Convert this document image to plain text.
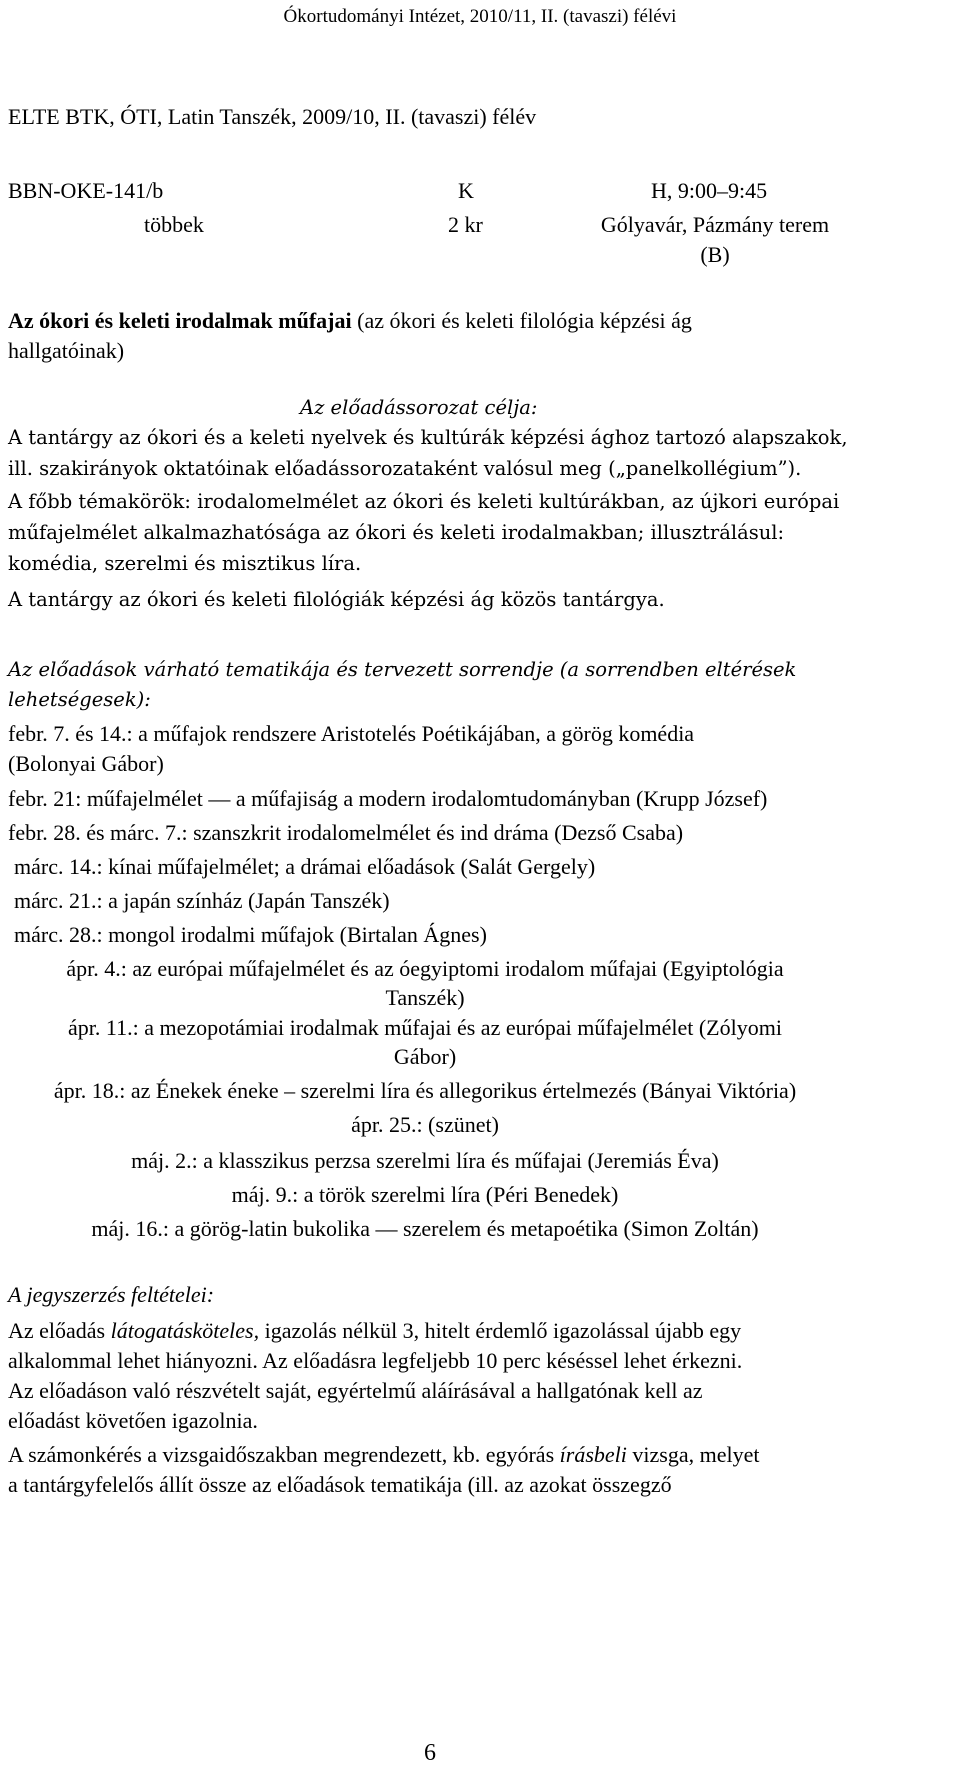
Ókortudományi Intézet, 2010/11, II. (tavaszi) félévi
ELTE BTK, ÓTI, Latin Tanszék, 2009/10, II. (tavaszi) félév
BBN-OKE-141/b	K	H, 9:00–9:45
többek	2 kr	Gólyavár, Pázmány terem
(B)
Az ókori és keleti irodalmak műfajai (az ókori és keleti filológia képzési ág
hallgatóinak)
Az előadássorozat célja:
A tantárgy az ókori és a keleti nyelvek és kultúrák képzési ághoz tartozó alapszakok,
ill. szakirányok oktatóinak előadássorozataként valósul meg („panelkollégium”).
A főbb témakörök: irodalomelmélet az ókori és keleti kultúrákban, az újkori európai
műfajelmélet alkalmazhatósága az ókori és keleti irodalmakban; illusztrálásul:
komédia, szerelmi és misztikus líra.
A tantárgy az ókori és keleti filológiák képzési ág közös tantárgya.
Az előadások várható tematikája és tervezett sorrendje (a sorrendben eltérések
lehetségesek):
febr. 7. és 14.: a műfajok rendszere Aristotelés Poétikájában, a görög komédia
(Bolonyai Gábor)
febr. 21: műfajelmélet — a műfajiság a modern irodalomtudományban (Krupp József)
febr. 28. és márc. 7.: szanszkrit irodalomelmélet és ind dráma (Dezső Csaba)
márc. 14.: kínai műfajelmélet; a drámai előadások (Salát Gergely)
márc. 21.: a japán színház (Japán Tanszék)
márc. 28.: mongol irodalmi műfajok (Birtalan Ágnes)
ápr. 4.: az európai műfajelmélet és az óegyiptomi irodalom műfajai (Egyiptológia
Tanszék)
ápr. 11.: a mezopotámiai irodalmak műfajai és az európai műfajelmélet (Zólyomi
Gábor)
ápr. 18.: az Énekek éneke – szerelmi líra és allegorikus értelmezés (Bányai Viktória)
ápr. 25.: (szünet)
máj. 2.: a klasszikus perzsa szerelmi líra és műfajai (Jeremiás Éva)
máj. 9.: a török szerelmi líra (Péri Benedek)
máj. 16.: a görög-latin bukolika — szerelem és metapoétika (Simon Zoltán)
A jegyszerzés feltételei:
Az előadás látogatásköteles, igazolás nélkül 3, hitelt érdemlő igazolással újabb egy
alkalommal lehet hiányozni. Az előadásra legfeljebb 10 perc késéssel lehet érkezni.
Az előadáson való részvételt saját, egyértelmű aláírásával a hallgatónak kell az
előadást követően igazolnia.
A számonkérés a vizsgaidőszakban megrendezett, kb. egyórás írásbeli vizsga, melyet
a tantárgyfelelős állít össze az előadások tematikája (ill. az azokat összegző
6
